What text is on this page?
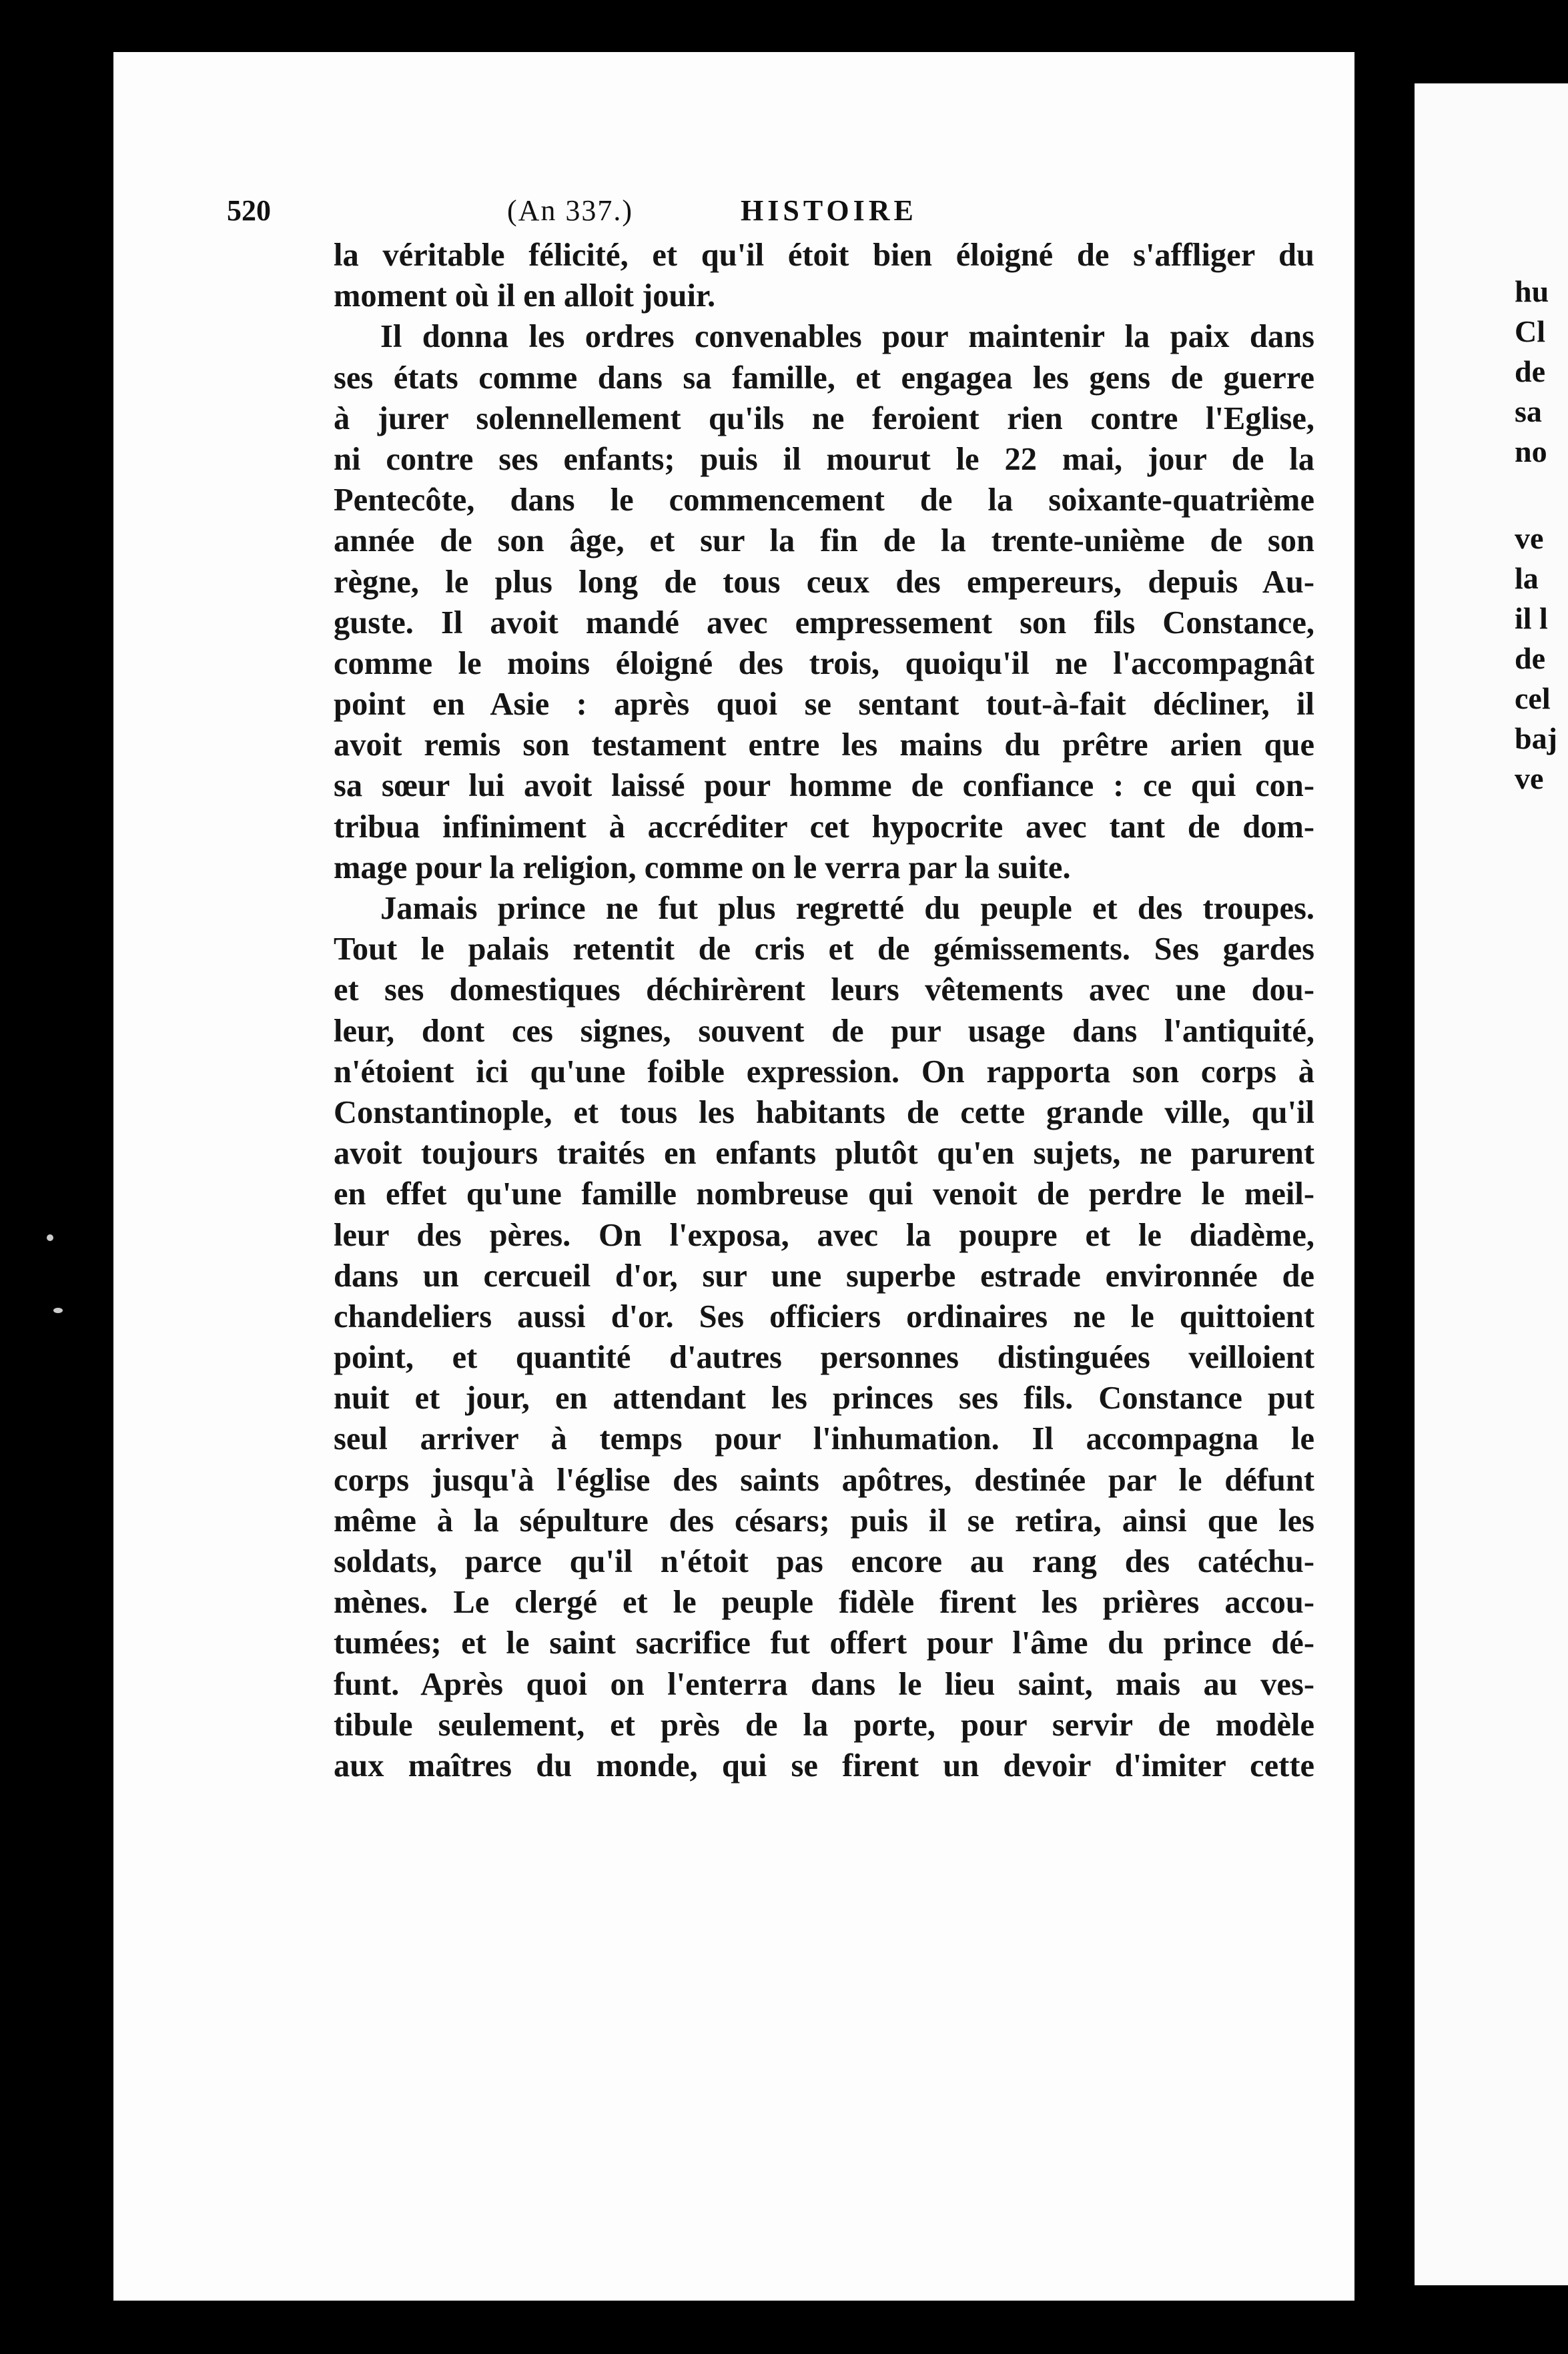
hu
Cl
de
sa
no
ve
la
il l
de
cel
baj
ve
520	(An 337.)	HISTOIRE
la véritable félicité, et qu'il étoit bien éloigné de s'affliger du
moment où il en alloit jouir.
Il donna les ordres convenables pour maintenir la paix dans
ses états comme dans sa famille, et engagea les gens de guerre
à jurer solennellement qu'ils ne feroient rien contre l'Eglise,
ni contre ses enfants; puis il mourut le 22 mai, jour de la
Pentecôte, dans le commencement de la soixante-quatrième
année de son âge, et sur la fin de la trente-unième de son
règne, le plus long de tous ceux des empereurs, depuis Au-
guste. Il avoit mandé avec empressement son fils Constance,
comme le moins éloigné des trois, quoiqu'il ne l'accompagnât
point en Asie : après quoi se sentant tout-à-fait décliner, il
avoit remis son testament entre les mains du prêtre arien que
sa sœur lui avoit laissé pour homme de confiance : ce qui con-
tribua infiniment à accréditer cet hypocrite avec tant de dom-
mage pour la religion, comme on le verra par la suite.
Jamais prince ne fut plus regretté du peuple et des troupes.
Tout le palais retentit de cris et de gémissements. Ses gardes
et ses domestiques déchirèrent leurs vêtements avec une dou-
leur, dont ces signes, souvent de pur usage dans l'antiquité,
n'étoient ici qu'une foible expression. On rapporta son corps à
Constantinople, et tous les habitants de cette grande ville, qu'il
avoit toujours traités en enfants plutôt qu'en sujets, ne parurent
en effet qu'une famille nombreuse qui venoit de perdre le meil-
leur des pères. On l'exposa, avec la poupre et le diadème,
dans un cercueil d'or, sur une superbe estrade environnée de
chandeliers aussi d'or. Ses officiers ordinaires ne le quittoient
point, et quantité d'autres personnes distinguées veilloient
nuit et jour, en attendant les princes ses fils. Constance put
seul arriver à temps pour l'inhumation. Il accompagna le
corps jusqu'à l'église des saints apôtres, destinée par le défunt
même à la sépulture des césars; puis il se retira, ainsi que les
soldats, parce qu'il n'étoit pas encore au rang des catéchu-
mènes. Le clergé et le peuple fidèle firent les prières accou-
tumées; et le saint sacrifice fut offert pour l'âme du prince dé-
funt. Après quoi on l'enterra dans le lieu saint, mais au ves-
tibule seulement, et près de la porte, pour servir de modèle
aux maîtres du monde, qui se firent un devoir d'imiter cette
